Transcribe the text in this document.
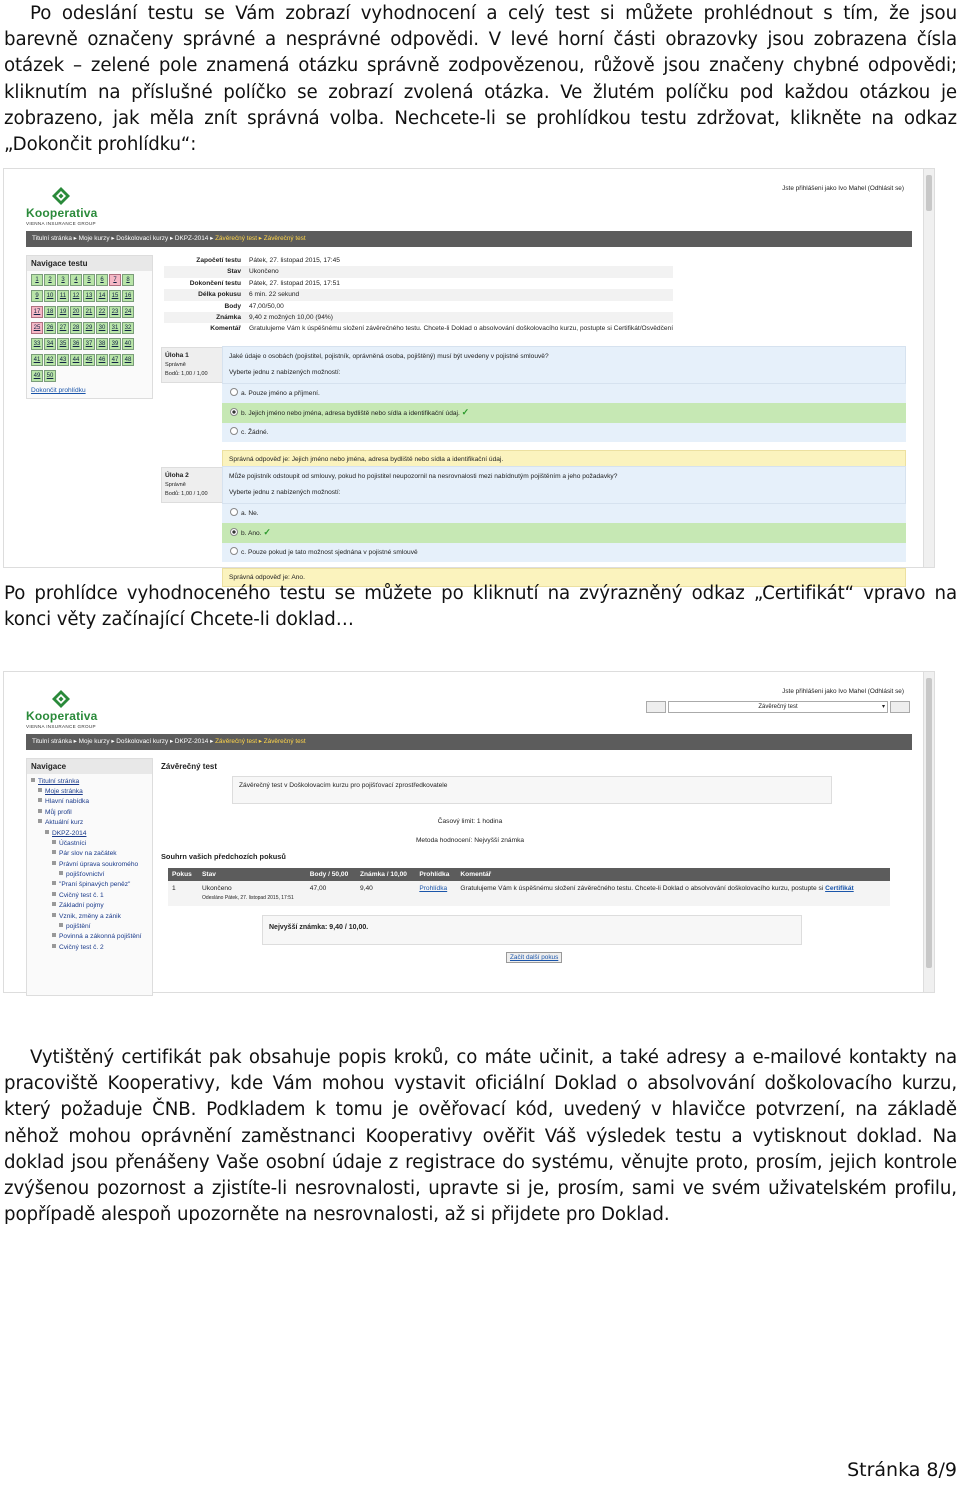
Po odeslání testu se Vám zobrazí vyhodnocení a celý test si můžete prohlédnout s tím, že jsou barevně označeny správné a nesprávné odpovědi. V levé horní části obrazovky jsou zobrazena čísla otázek – zelené pole znamená otázku správně zodpovězenou, růžově jsou značeny chybné odpovědi; kliknutím na příslušné políčko se zobrazí zvolená otázka. Ve žlutém políčku pod každou otázkou je zobrazeno, jak měla znít správná volba. Nechcete-li se prohlídkou testu zdržovat, klikněte na odkaz „Dokončit prohlídku“:
Kooperativa
VIENNA INSURANCE GROUP
Jste přihlášeni jako Ivo Mahel (Odhlásit se)
Titulní stránka ▸ Moje kurzy ▸ Doškolovací kurzy ▸ DKPZ-2014 ▸ Závěrečný test ▸ Závěrečný test
Navigace testu
1	2	3	4	5	6	7	8
9	10	11	12	13	14	15	16
17	18	19	20	21	22	23	24
25	26	27	28	29	30	31	32
33	34	35	36	37	38	39	40
41	42	43	44	45	46	47	48
49	50
Dokončit prohlídku
Započetí testu Pátek, 27. listopad 2015, 17:45
Stav Ukončeno
Dokončení testu Pátek, 27. listopad 2015, 17:51
Délka pokusu 6 min. 22 sekund
Body 47,00/50,00
Známka 9,40 z možných 10,00 (94%)
Komentář Gratulujeme Vám k úspěšnému složení závěrečného testu. Chcete-li Doklad o absolvování doškolovacího kurzu, postupte si Certifikát/Osvědčení
Úloha 1
Správně
Bodů: 1,00 / 1,00
Jaké údaje o osobách (pojistitel, pojistník, oprávněná osoba, pojištěný) musí být uvedeny v pojistné smlouvě?
Vyberte jednu z nabízených možností:
a. Pouze jméno a příjmení.
b. Jejich jméno nebo jména, adresa bydliště nebo sídla a identifikační údaj. ✓
c. Žádné.
Správná odpověď je: Jejich jméno nebo jména, adresa bydliště nebo sídla a identifikační údaj.
Úloha 2
Správně
Bodů: 1,00 / 1,00
Může pojistník odstoupit od smlouvy, pokud ho pojistitel neupozornil na nesrovnalosti mezi nabídnutým pojištěním a jeho požadavky?
Vyberte jednu z nabízených možností:
a. Ne.
b. Ano. ✓
c. Pouze pokud je tato možnost sjednána v pojistné smlouvě
Správná odpověď je: Ano.
Po prohlídce vyhodnoceného testu se můžete po kliknutí na zvýrazněný odkaz „Certifikát“ vpravo na konci věty začínající Chcete-li doklad…
Kooperativa
VIENNA INSURANCE GROUP
Jste přihlášeni jako Ivo Mahel (Odhlásit se)
Závěrečný test	▾
Titulní stránka ▸ Moje kurzy ▸ Doškolovací kurzy ▸ DKPZ-2014 ▸ Závěrečný test ▸ Závěrečný test
Navigace
Titulní stránka
Moje stránka
Hlavní nabídka
Můj profil
Aktuální kurz
DKPZ-2014
Účastníci
Pár slov na začátek
Právní úprava soukromého
pojišťovnictví
"Praní špinavých peněz"
Cvičný test č. 1
Základní pojmy
Vznik, změny a zánik
pojištění
Povinná a zákonná pojištění
Cvičný test č. 2
Závěrečný test
Závěrečný test v Doškolovacím kurzu pro pojišťovací zprostředkovatele
Časový limit: 1 hodina
Metoda hodnocení: Nejvyšší známka
Souhrn vašich předchozích pokusů
Pokus	Stav	Body / 50,00	Známka / 10,00	Prohlídka	Komentář
1	Ukončeno
Odesláno Pátek, 27. listopad 2015, 17:51	47,00	9,40	Prohlídka	Gratulujeme Vám k úspěšnému složení závěrečného testu. Chcete-li Doklad o absolvování doškolovacího kurzu, postupte si Certifikát
Nejvyšší známka: 9,40 / 10,00.
Začít další pokus
Vytištěný certifikát pak obsahuje popis kroků, co máte učinit, a také adresy a e-mailové kontakty na pracoviště Kooperativy, kde Vám mohou vystavit oficiální Doklad o absolvování doškolovacího kurzu, který požaduje ČNB. Podkladem k tomu je ověřovací kód, uvedený v hlavičce potvrzení, na základě něhož mohou oprávnění zaměstnanci Kooperativy ověřit Váš výsledek testu a vytisknout doklad. Na doklad jsou přenášeny Vaše osobní údaje z registrace do systému, věnujte proto, prosím, jejich kontrole zvýšenou pozornost a zjistíte-li nesrovnalosti, upravte si je, prosím, sami ve svém uživatelském profilu, popřípadě alespoň upozorněte na nesrovnalosti, až si přijdete pro Doklad.
Stránka 8/9
